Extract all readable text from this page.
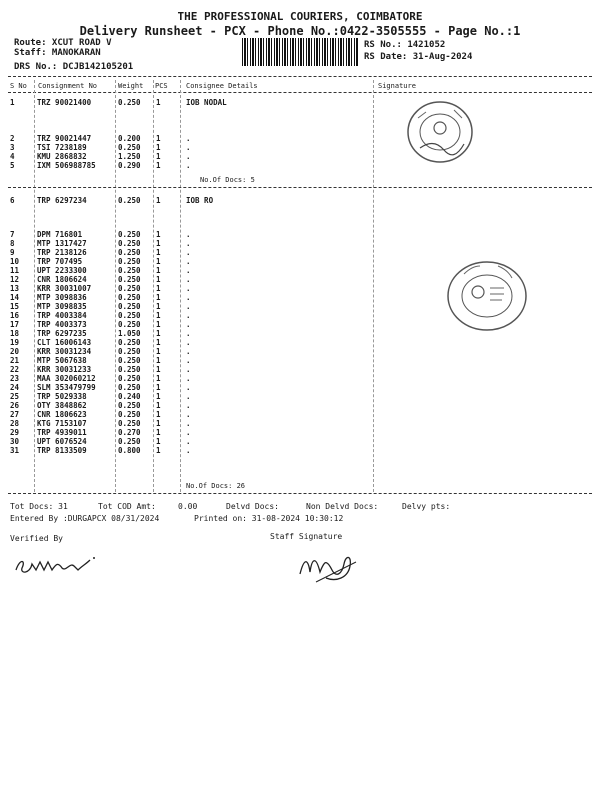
THE PROFESSIONAL COURIERS, COIMBATORE
Delivery Runsheet - PCX - Phone No.:0422-3505555 - Page No.:1
Route: XCUT ROAD V
Staff: MANOKARAN
DRS No.: DCJB142105201
RS No.: 1421052
RS Date: 31-Aug-2024
S No Consignment No	Weight PCS	Consignee Details	Signature
1	TRZ 90021400	0.250 1	IOB NODAL
2	TRZ 90021447	0.200 1	.
3	TSI 7238189	0.250 1	.
4	KMU 2868832	1.250 1	.
5	IXM 506988785	0.290 1	.
6	TRP 6297234	0.250 1	IOB RO
7	DPM 716801	0.250 1	.
8	MTP 1317427	0.250 1	.
9	TRP 2138126	0.250 1	.
10 TRP 707495	0.250 1	.
11 UPT 2233300	0.250 1	.
12 CNR 1806624	0.250 1	.
13 KRR 30031007	0.250 1	.
14 MTP 3098836	0.250 1	.
15 MTP 3098835	0.250 1	.
16 TRP 4003384	0.250 1	.
17 TRP 4003373	0.250 1	.
18 TRP 6297235	1.050 1	.
19 CLT 16006143	0.250 1	.
20 KRR 30031234	0.250 1	.
21 MTP 5067638	0.250 1	.
22 KRR 30031233	0.250 1	.
23 MAA 302060212	0.250 1	.
24 SLM 353479799	0.250 1	.
25 TRP 5029338	0.240 1	.
26 OTY 3848862	0.250 1	.
27 CNR 1806623	0.250 1	.
28 KTG 7153107	0.250 1	.
29 TRP 4939011	0.270 1	.
30 UPT 6076524	0.250 1	.
31 TRP 8133509	0.800 1	.
No.Of Docs: 5
No.Of Docs: 26
Tot Docs: 31	Tot COD Amt:	0.00	Delvd Docs:	Non Delvd Docs:	Delvy pts:
Entered By :DURGAPCX 08/31/2024	Printed on: 31-08-2024 10:30:12
Verified By	Staff Signature
